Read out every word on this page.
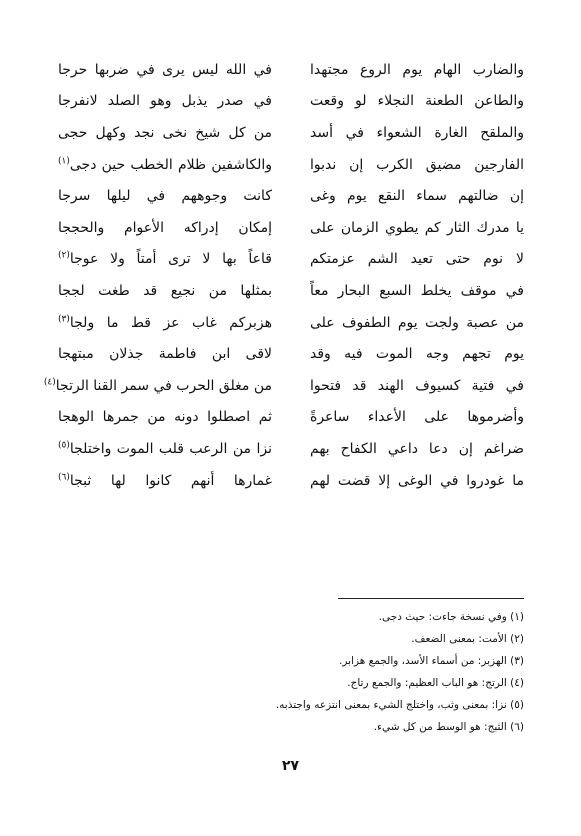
والضارب الهام يوم الروع مجتهدا
في الله ليس يرى في ضربها حرجا
والطاعن الطعنة النجلاء لو وقعت
في صدر يذبل وهو الصلد لانفرجا
والملقح الغارة الشعواء في أسد
من كل شيخ نخى نجد وكهل حجى
الفارجين مضيق الكرب إن ندبوا
والكاشفين ظلام الخطب حين دجى$^{(١)}$
إن ضالتهم سماء النقع يوم وغى
كانت وجوههم في ليلها سرجا
يا مدرك الثار كم يطوي الزمان على
إمكان إدراكه الأعوام والحججا
لا نوم حتى تعيد الشم عزمتكم
قاعاً بها لا ترى أمتاً ولا عوجا$^{(٢)}$
في موقف يخلط السبع البحار معاً
بمثلها من نجيع قد طغت لججا
من عصبة ولجت يوم الطفوف على
هزبركم غاب عز قط ما ولجا$^{(٣)}$
يوم تجهم وجه الموت فيه وقد
لاقى ابن فاطمة جذلان مبتهجا
في فتية كسيوف الهند قد فتحوا
من مغلق الحرب في سمر القنا الرتجا$^{(٤)}$
وأضرموها على الأعداء ساعرةً
ثم اصطلوا دونه من جمرها الوهجا
ضراغم إن دعا داعي الكفاح بهم
نزا من الرعب قلب الموت واختلجا$^{(٥)}$
ما غودروا في الوغى إلا قضت لهم
غمارها أنهم كانوا لها ثبجا$^{(٦)}$
(١) وفي نسخة جاءت: حيث دجى.
(٢) الأمت: بمعنى الضعف.
(٣) الهزبر: من أسماء الأسد، والجمع هزابر.
(٤) الرتج: هو الباب العظيم: والجمع رتاج.
(٥) نزا: بمعنى وثب، واختلج الشيء بمعنى انتزعه واجتذبه.
(٦) الثبج: هو الوسط من كل شيء.
٢٧
